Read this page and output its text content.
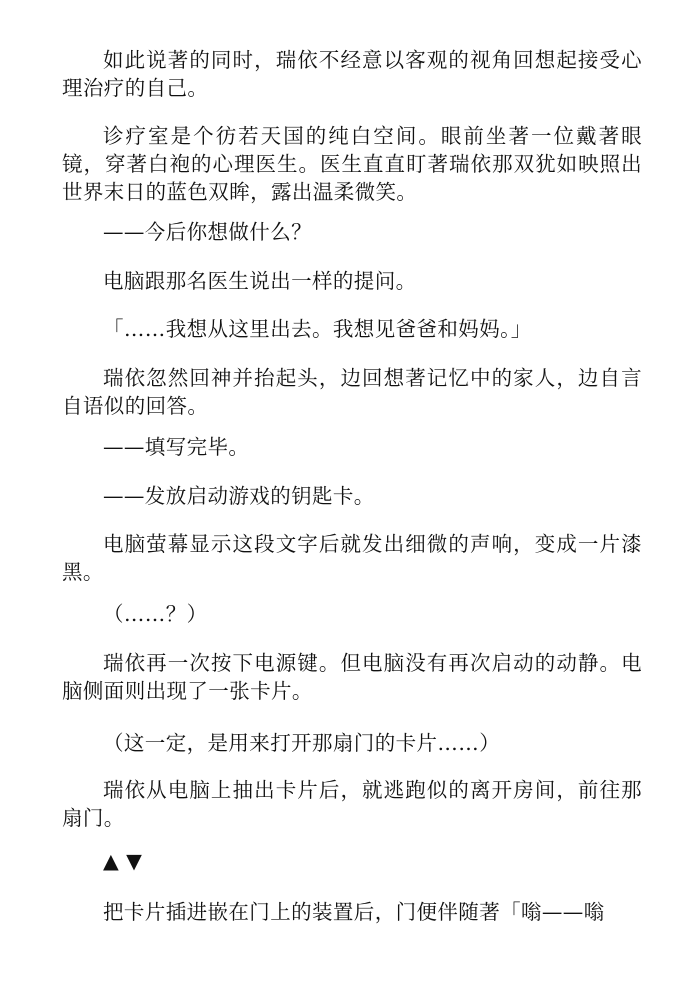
如此说著的同时，瑞依不经意以客观的视角回想起接受心理治疗的自己。

诊疗室是个彷若天国的纯白空间。眼前坐著一位戴著眼镜，穿著白袍的心理医生。医生直直盯著瑞依那双犹如映照出世界末日的蓝色双眸，露出温柔微笑。

——今后你想做什么？

电脑跟那名医生说出一样的提问。

「……我想从这里出去。我想见爸爸和妈妈。」

瑞依忽然回神并抬起头，边回想著记忆中的家人，边自言自语似的回答。

——填写完毕。

——发放启动游戏的钥匙卡。

电脑萤幕显示这段文字后就发出细微的声响，变成一片漆黑。

（……？）

瑞依再一次按下电源键。但电脑没有再次启动的动静。电脑侧面则出现了一张卡片。

（这一定，是用来打开那扇门的卡片……）

瑞依从电脑上抽出卡片后，就逃跑似的离开房间，前往那扇门。

▲ ▼

把卡片插进嵌在门上的装置后，门便伴随著「嗡——嗡
